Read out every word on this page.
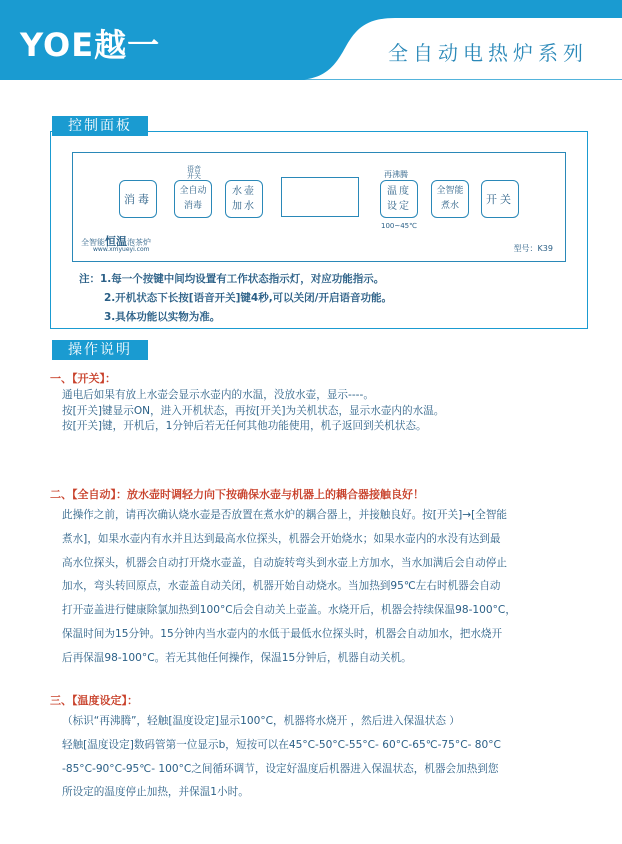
YOE越一	全自动电热炉系列
控制面板
语音
开关	再沸腾
消毒
全自动
消毒
水壶
加水
温度
设定
100~45℃
全智能
煮水
开关
全智能恒温泡茶炉
www.xmyueyi.com	型号：K39
注：1.每一个按键中间均设置有工作状态指示灯，对应功能指示。
2.开机状态下长按[语音开关]键4秒,可以关闭/开启语音功能。
3.具体功能以实物为准。
操作说明
一、【开关】：
通电后如果有放上水壶会显示水壶内的水温，没放水壶，显示----。
按[开关]键显示ON，进入开机状态，再按[开关]为关机状态，显示水壶内的水温。
按[开关]键，开机后，1分钟后若无任何其他功能使用，机子返回到关机状态。
二、【全自动】：放水壶时调轻力向下按确保水壶与机器上的耦合器接触良好！
此操作之前，请再次确认烧水壶是否放置在煮水炉的耦合器上，并接触良好。按[开关]→[全智能
煮水]，如果水壶内有水并且达到最高水位探头，机器会开始烧水；如果水壶内的水没有达到最
高水位探头，机器会自动打开烧水壶盖，自动旋转弯头到水壶上方加水，当水加满后会自动停止
加水，弯头转回原点，水壶盖自动关闭，机器开始自动烧水。当加热到95℃左右时机器会自动
打开壶盖进行健康除氯加热到100°C后会自动关上壶盖。水烧开后，机器会持续保温98-100°C，
保温时间为15分钟。15分钟内当水壶内的水低于最低水位探头时，机器会自动加水，把水烧开
后再保温98-100°C。若无其他任何操作，保温15分钟后，机器自动关机。
三、【温度设定】：
（标识“再沸腾”，轻触[温度设定]显示100°C，机器将水烧开 ，然后进入保温状态 ）
轻触[温度设定]数码管第一位显示b，短按可以在45°C-50°C-55°C- 60°C-65℃-75°C- 80°C
-85°C-90°C-95℃- 100°C之间循环调节，设定好温度后机器进入保温状态，机器会加热到您
所设定的温度停止加热，并保温1小时。
